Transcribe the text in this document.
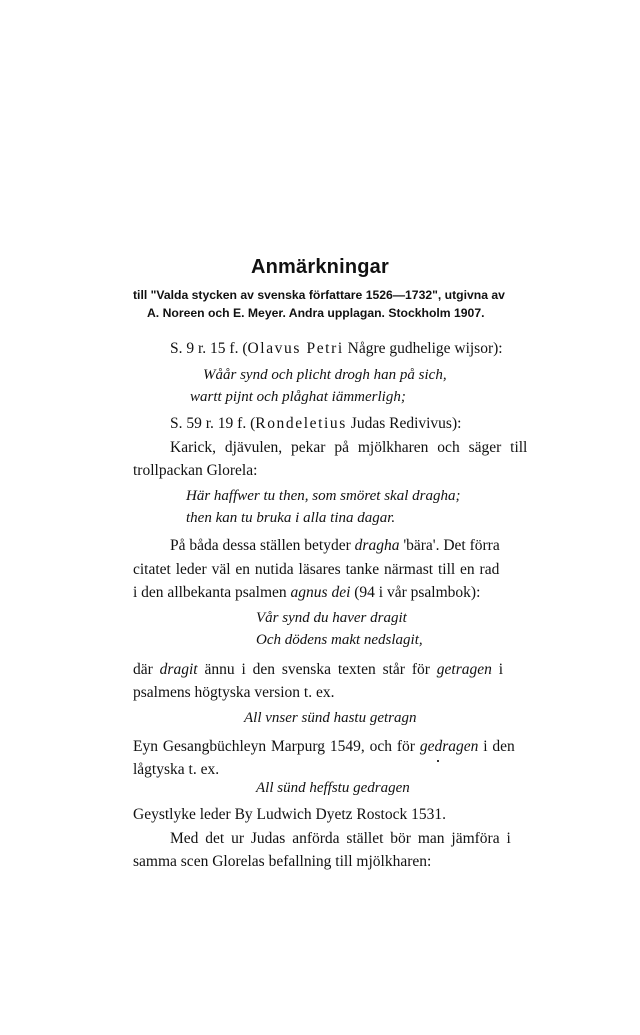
Anmärkningar
till "Valda stycken av svenska författare 1526—1732", utgivna av
A. Noreen och E. Meyer. Andra upplagan. Stockholm 1907.
S. 9 r. 15 f. (Olavus Petri Någre gudhelige wijsor):
Wåår synd och plicht drogh han på sich,
wartt pijnt och plåghat iämmerligh;
S. 59 r. 19 f. (Rondeletius Judas Redivivus):
Karick, djävulen, pekar på mjölkharen och säger till
trollpackan Glorela:
Här haffwer tu then, som smöret skal dragha;
then kan tu bruka i alla tina dagar.
På båda dessa ställen betyder dragha 'bära'. Det förra
citatet leder väl en nutida läsares tanke närmast till en rad
i den allbekanta psalmen agnus dei (94 i vår psalmbok):
Vår synd du haver dragit
Och dödens makt nedslagit,
där dragit ännu i den svenska texten står för getragen i
psalmens högtyska version t. ex.
All vnser sünd hastu getragn
Eyn Gesangbüchleyn Marpurg 1549, och för gedragen i den
lågtyska t. ex.
All sünd heffstu gedragen
Geystlyke leder By Ludwich Dyetz Rostock 1531.
Med det ur Judas anförda stället bör man jämföra i
samma scen Glorelas befallning till mjölkharen:
